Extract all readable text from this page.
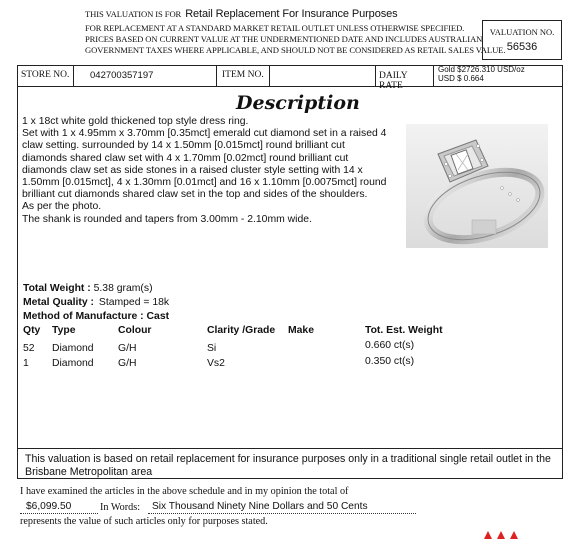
THIS VALUATION IS FOR Retail Replacement For Insurance Purposes
FOR REPLACEMENT AT A STANDARD MARKET RETAIL OUTLET UNLESS OTHERWISE SPECIFIED.
PRICES BASED ON CURRENT VALUE AT THE UNDERMENTIONED DATE AND INCLUDES AUSTRALIAN
GOVERNMENT TAXES WHERE APPLICABLE, AND SHOULD NOT BE CONSIDERED AS RETAIL SALES VALUE.
VALUATION NO.
56536
STORE NO. 042700357197	ITEM NO.	DAILY RATE
Gold $2726.310 USD/oz
USD $ 0.664
Description
1 x 18ct white gold thickened top style dress ring.
Set with 1 x 4.95mm x 3.70mm [0.35mct] emerald cut diamond set in a raised 4
claw setting. surrounded by 14 x 1.50mm [0.015mct] round brilliant cut
diamonds shared claw set with 4 x 1.70mm [0.02mct] round brilliant cut
diamonds claw set as side stones in a raised cluster style setting with 14 x
1.50mm [0.015mct], 4 x 1.30mm [0.01mct] and 16 x 1.10mm [0.0075mct] round
brilliant cut diamonds shared claw set in the top and sides of the shoulders.
As per the photo.
The shank is rounded and tapers from 3.00mm - 2.10mm wide.
Total Weight : 5.38 gram(s)
Metal Quality : Stamped = 18k
Method of Manufacture : Cast
Qty Type	Colour	Clarity /Grade Make	Tot. Est. Weight
52 Diamond G/H	Si	0.660 ct(s)
1 Diamond G/H	Vs2	0.350 ct(s)
This valuation is based on retail replacement for insurance purposes only in a traditional single retail outlet in the Brisbane Metropolitan area
I have examined the articles in the above schedule and in my opinion the total of
$6,099.50	In Words:	Six Thousand Ninety Nine Dollars and 50 Cents
represents the value of such articles only for purposes stated.
